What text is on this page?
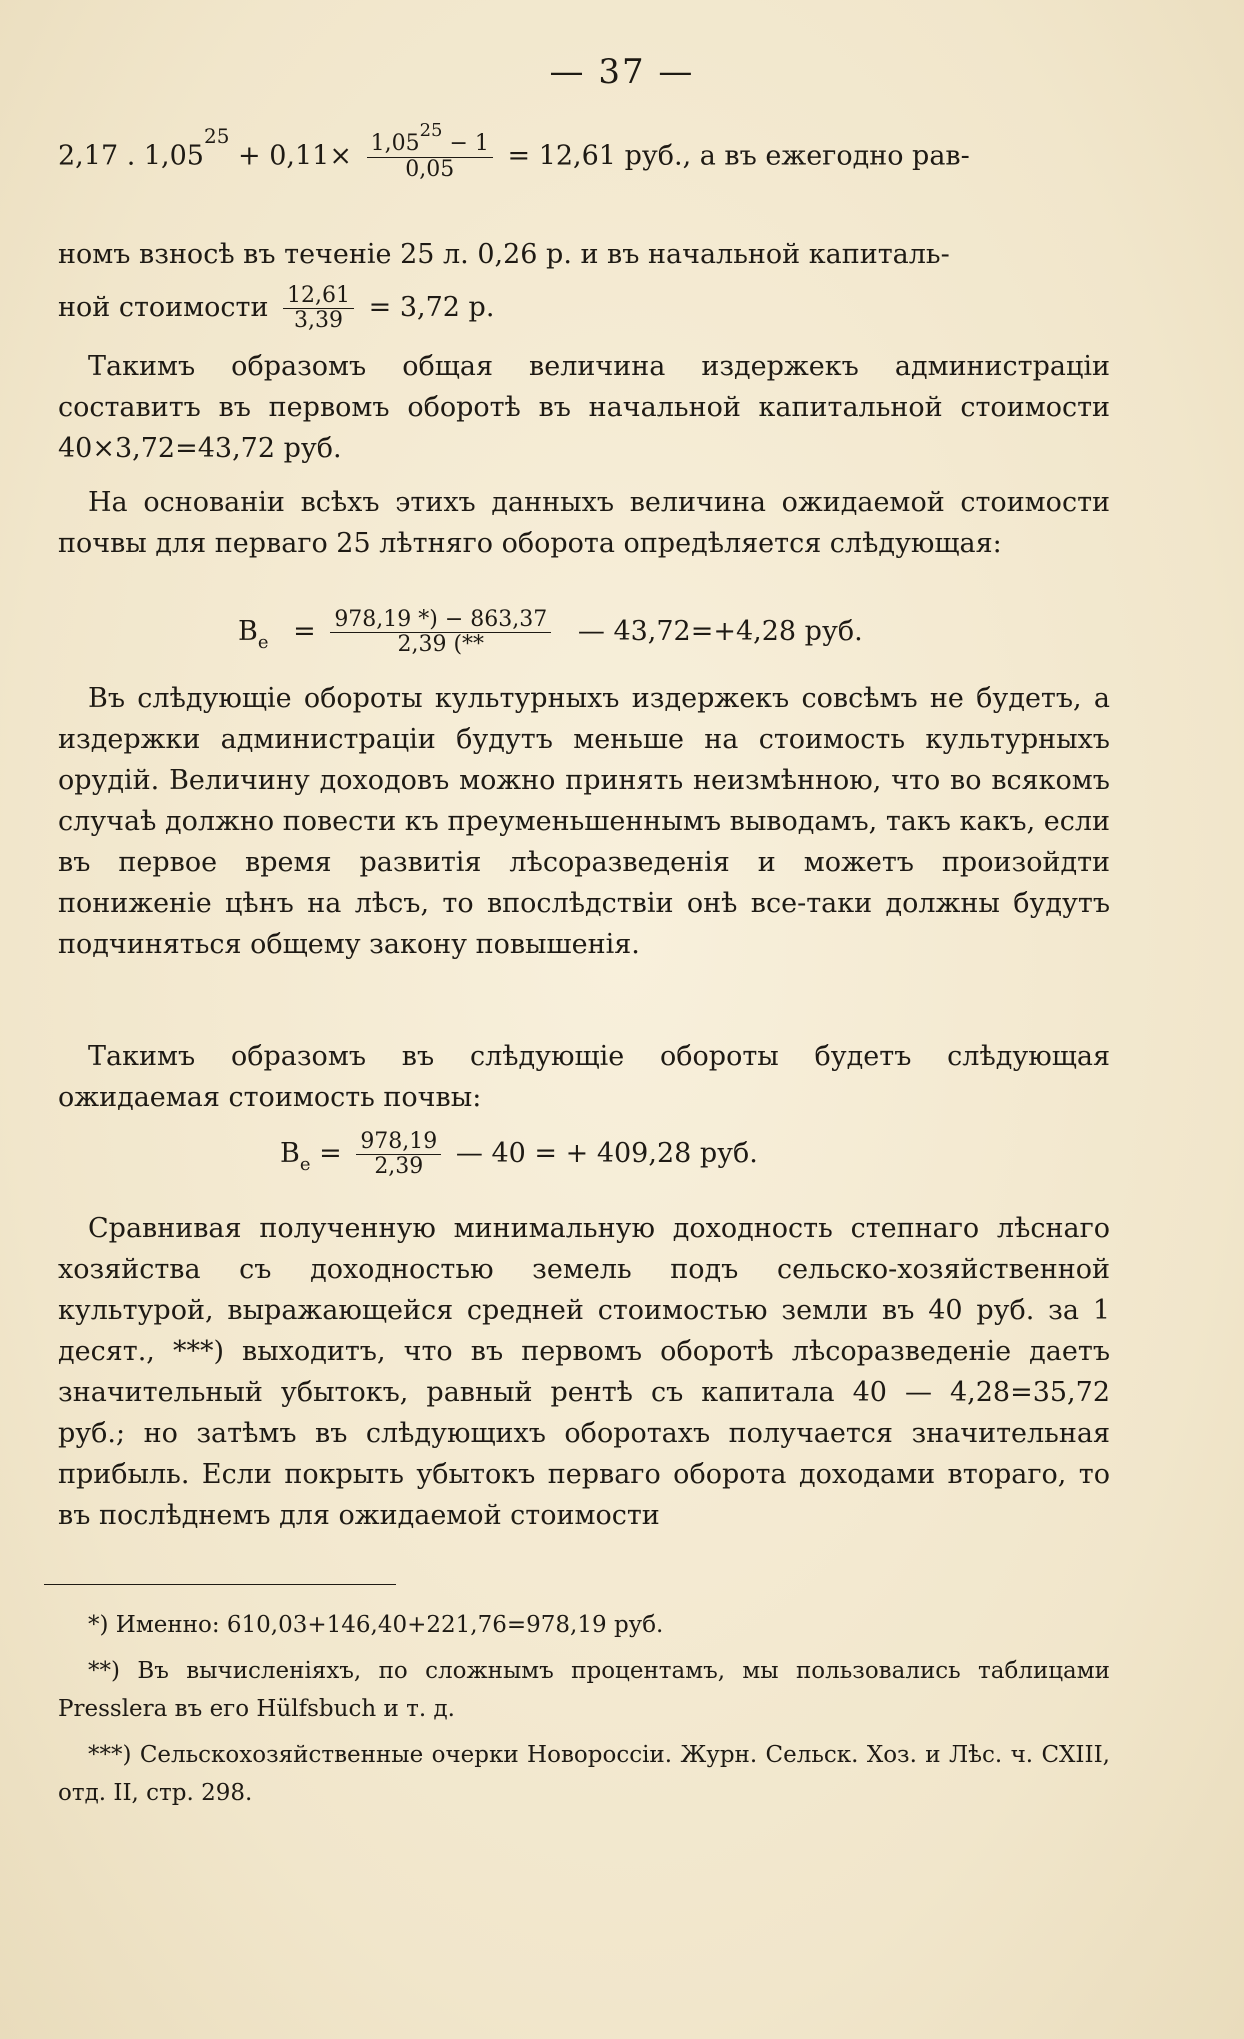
— 37 —
2,17 . $1,05^{25} + 0,11\times \frac{1,05^{25} - 1}{0,05} = 12,61$ руб., а въ ежегодно рав-
номъ взносѣ въ теченіе 25 л. 0,26 р. и въ начальной капиталь-
ной стоимости $\frac{12,61}{3,39} = 3,72$ р.
Такимъ образомъ общая величина издержекъ администраціи составитъ въ первомъ оборотѣ въ начальной капитальной стоимости 40×3,72=43,72 руб.
На основаніи всѣхъ этихъ данныхъ величина ожидаемой стоимости почвы для перваго 25 лѣтняго оборота опредѣляется слѣдующая:
$B_e = \frac{978,19 *) - 863,37}{2,39 (**}$ — 43,72=+4,28 руб.
Въ слѣдующіе обороты культурныхъ издержекъ совсѣмъ не будетъ, а издержки администраціи будутъ меньше на стоимость культурныхъ орудій. Величину доходовъ можно принять неизмѣнною, что во всякомъ случаѣ должно повести къ преуменьшеннымъ выводамъ, такъ какъ, если въ первое время развитія лѣсоразведенія и можетъ произойдти пониженіе цѣнъ на лѣсъ, то впослѣдствіи онѣ все-таки должны будутъ подчиняться общему закону повышенія.
Такимъ образомъ въ слѣдующіе обороты будетъ слѣдующая ожидаемая стоимость почвы:
$B_e = \frac{978,19}{2,39}$ — 40 = + 409,28 руб.
Сравнивая полученную минимальную доходность степнаго лѣснаго хозяйства съ доходностью земель подъ сельско-хозяйственной культурой, выражающейся средней стоимостью земли въ 40 руб. за 1 десят., ***) выходитъ, что въ первомъ оборотѣ лѣсоразведеніе даетъ значительный убытокъ, равный рентѣ съ капитала 40 — 4,28=35,72 руб.; но затѣмъ въ слѣдующихъ оборотахъ получается значительная прибыль. Если покрыть убытокъ перваго оборота доходами втораго, то въ послѣднемъ для ожидаемой стоимости

*) Именно: 610,03+146,40+221,76=978,19 руб.

**) Въ вычисленіяхъ, по сложнымъ процентамъ, мы пользовались таблицами Presslera въ его Hülfsbuch и т. д.

***) Сельскохозяйственные очерки Новороссіи. Журн. Сельск. Хоз. и Лѣс. ч. CXIII, отд. II, стр. 298.
